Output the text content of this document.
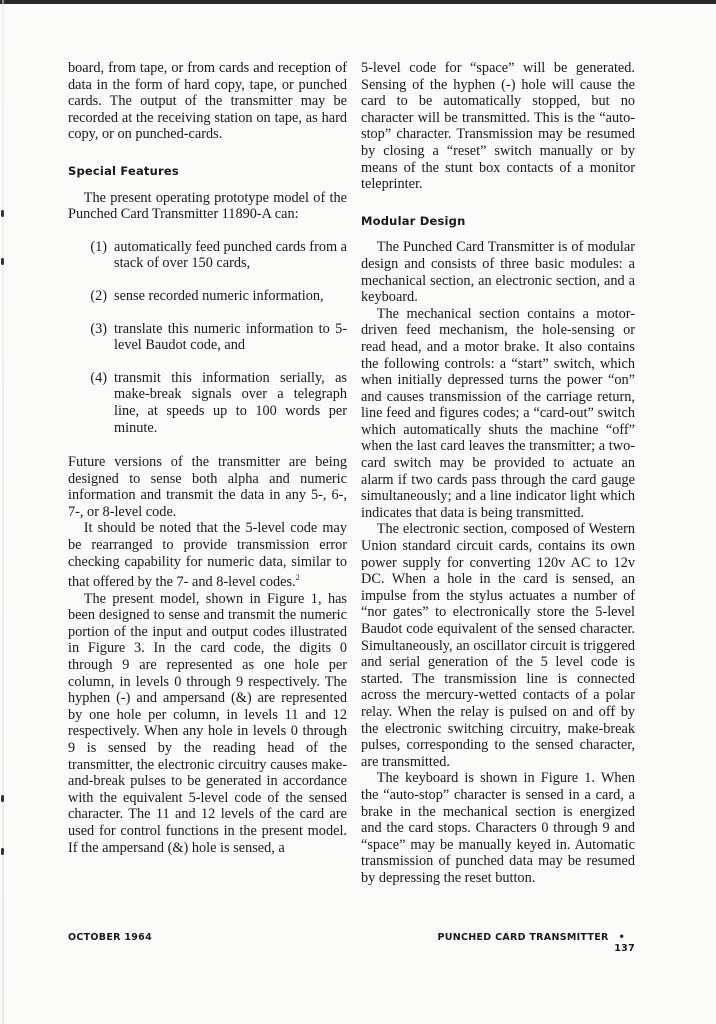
board, from tape, or from cards and reception of data in the form of hard copy, tape, or punched cards. The output of the transmitter may be recorded at the receiving station on tape, as hard copy, or on punched-cards.

Special Features

The present operating prototype model of the Punched Card Transmitter 11890-A can:

(1) automatically feed punched cards from a stack of over 150 cards,
(2) sense recorded numeric information,
(3) translate this numeric information to 5-level Baudot code, and
(4) transmit this information serially, as make-break signals over a telegraph line, at speeds up to 100 words per minute.

Future versions of the transmitter are being designed to sense both alpha and numeric information and transmit the data in any 5-, 6-, 7-, or 8-level code.

It should be noted that the 5-level code may be rearranged to provide transmission error checking capability for numeric data, similar to that offered by the 7- and 8-level codes.$^2$

The present model, shown in Figure 1, has been designed to sense and transmit the numeric portion of the input and output codes illustrated in Figure 3. In the card code, the digits 0 through 9 are represented as one hole per column, in levels 0 through 9 respectively. The hyphen (-) and ampersand (&) are represented by one hole per column, in levels 11 and 12 respectively. When any hole in levels 0 through 9 is sensed by the reading head of the transmitter, the electronic circuitry causes make-and-break pulses to be generated in accordance with the equivalent 5-level code of the sensed character. The 11 and 12 levels of the card are used for control functions in the present model. If the ampersand (&) hole is sensed, a

5-level code for “space” will be generated. Sensing of the hyphen (-) hole will cause the card to be automatically stopped, but no character will be transmitted. This is the “auto-stop” character. Transmission may be resumed by closing a “reset” switch manually or by means of the stunt box contacts of a monitor teleprinter.

Modular Design

The Punched Card Transmitter is of modular design and consists of three basic modules: a mechanical section, an electronic section, and a keyboard.

The mechanical section contains a motor-driven feed mechanism, the hole-sensing or read head, and a motor brake. It also contains the following controls: a “start” switch, which when initially depressed turns the power “on” and causes transmission of the carriage return, line feed and figures codes; a “card-out” switch which automatically shuts the machine “off” when the last card leaves the transmitter; a two-card switch may be provided to actuate an alarm if two cards pass through the card gauge simultaneously; and a line indicator light which indicates that data is being transmitted.

The electronic section, composed of Western Union standard circuit cards, contains its own power supply for converting 120v AC to 12v DC. When a hole in the card is sensed, an impulse from the stylus actuates a number of “nor gates” to electronically store the 5-level Baudot code equivalent of the sensed character. Simultaneously, an oscillator circuit is triggered and serial generation of the 5 level code is started. The transmission line is connected across the mercury-wetted contacts of a polar relay. When the relay is pulsed on and off by the electronic switching circuitry, make-break pulses, corresponding to the sensed character, are transmitted.

The keyboard is shown in Figure 1. When the “auto-stop” character is sensed in a card, a brake in the mechanical section is energized and the card stops. Characters 0 through 9 and “space” may be manually keyed in. Automatic transmission of punched data may be resumed by depressing the reset button.

OCTOBER 1964	PUNCHED CARD TRANSMITTER •137
